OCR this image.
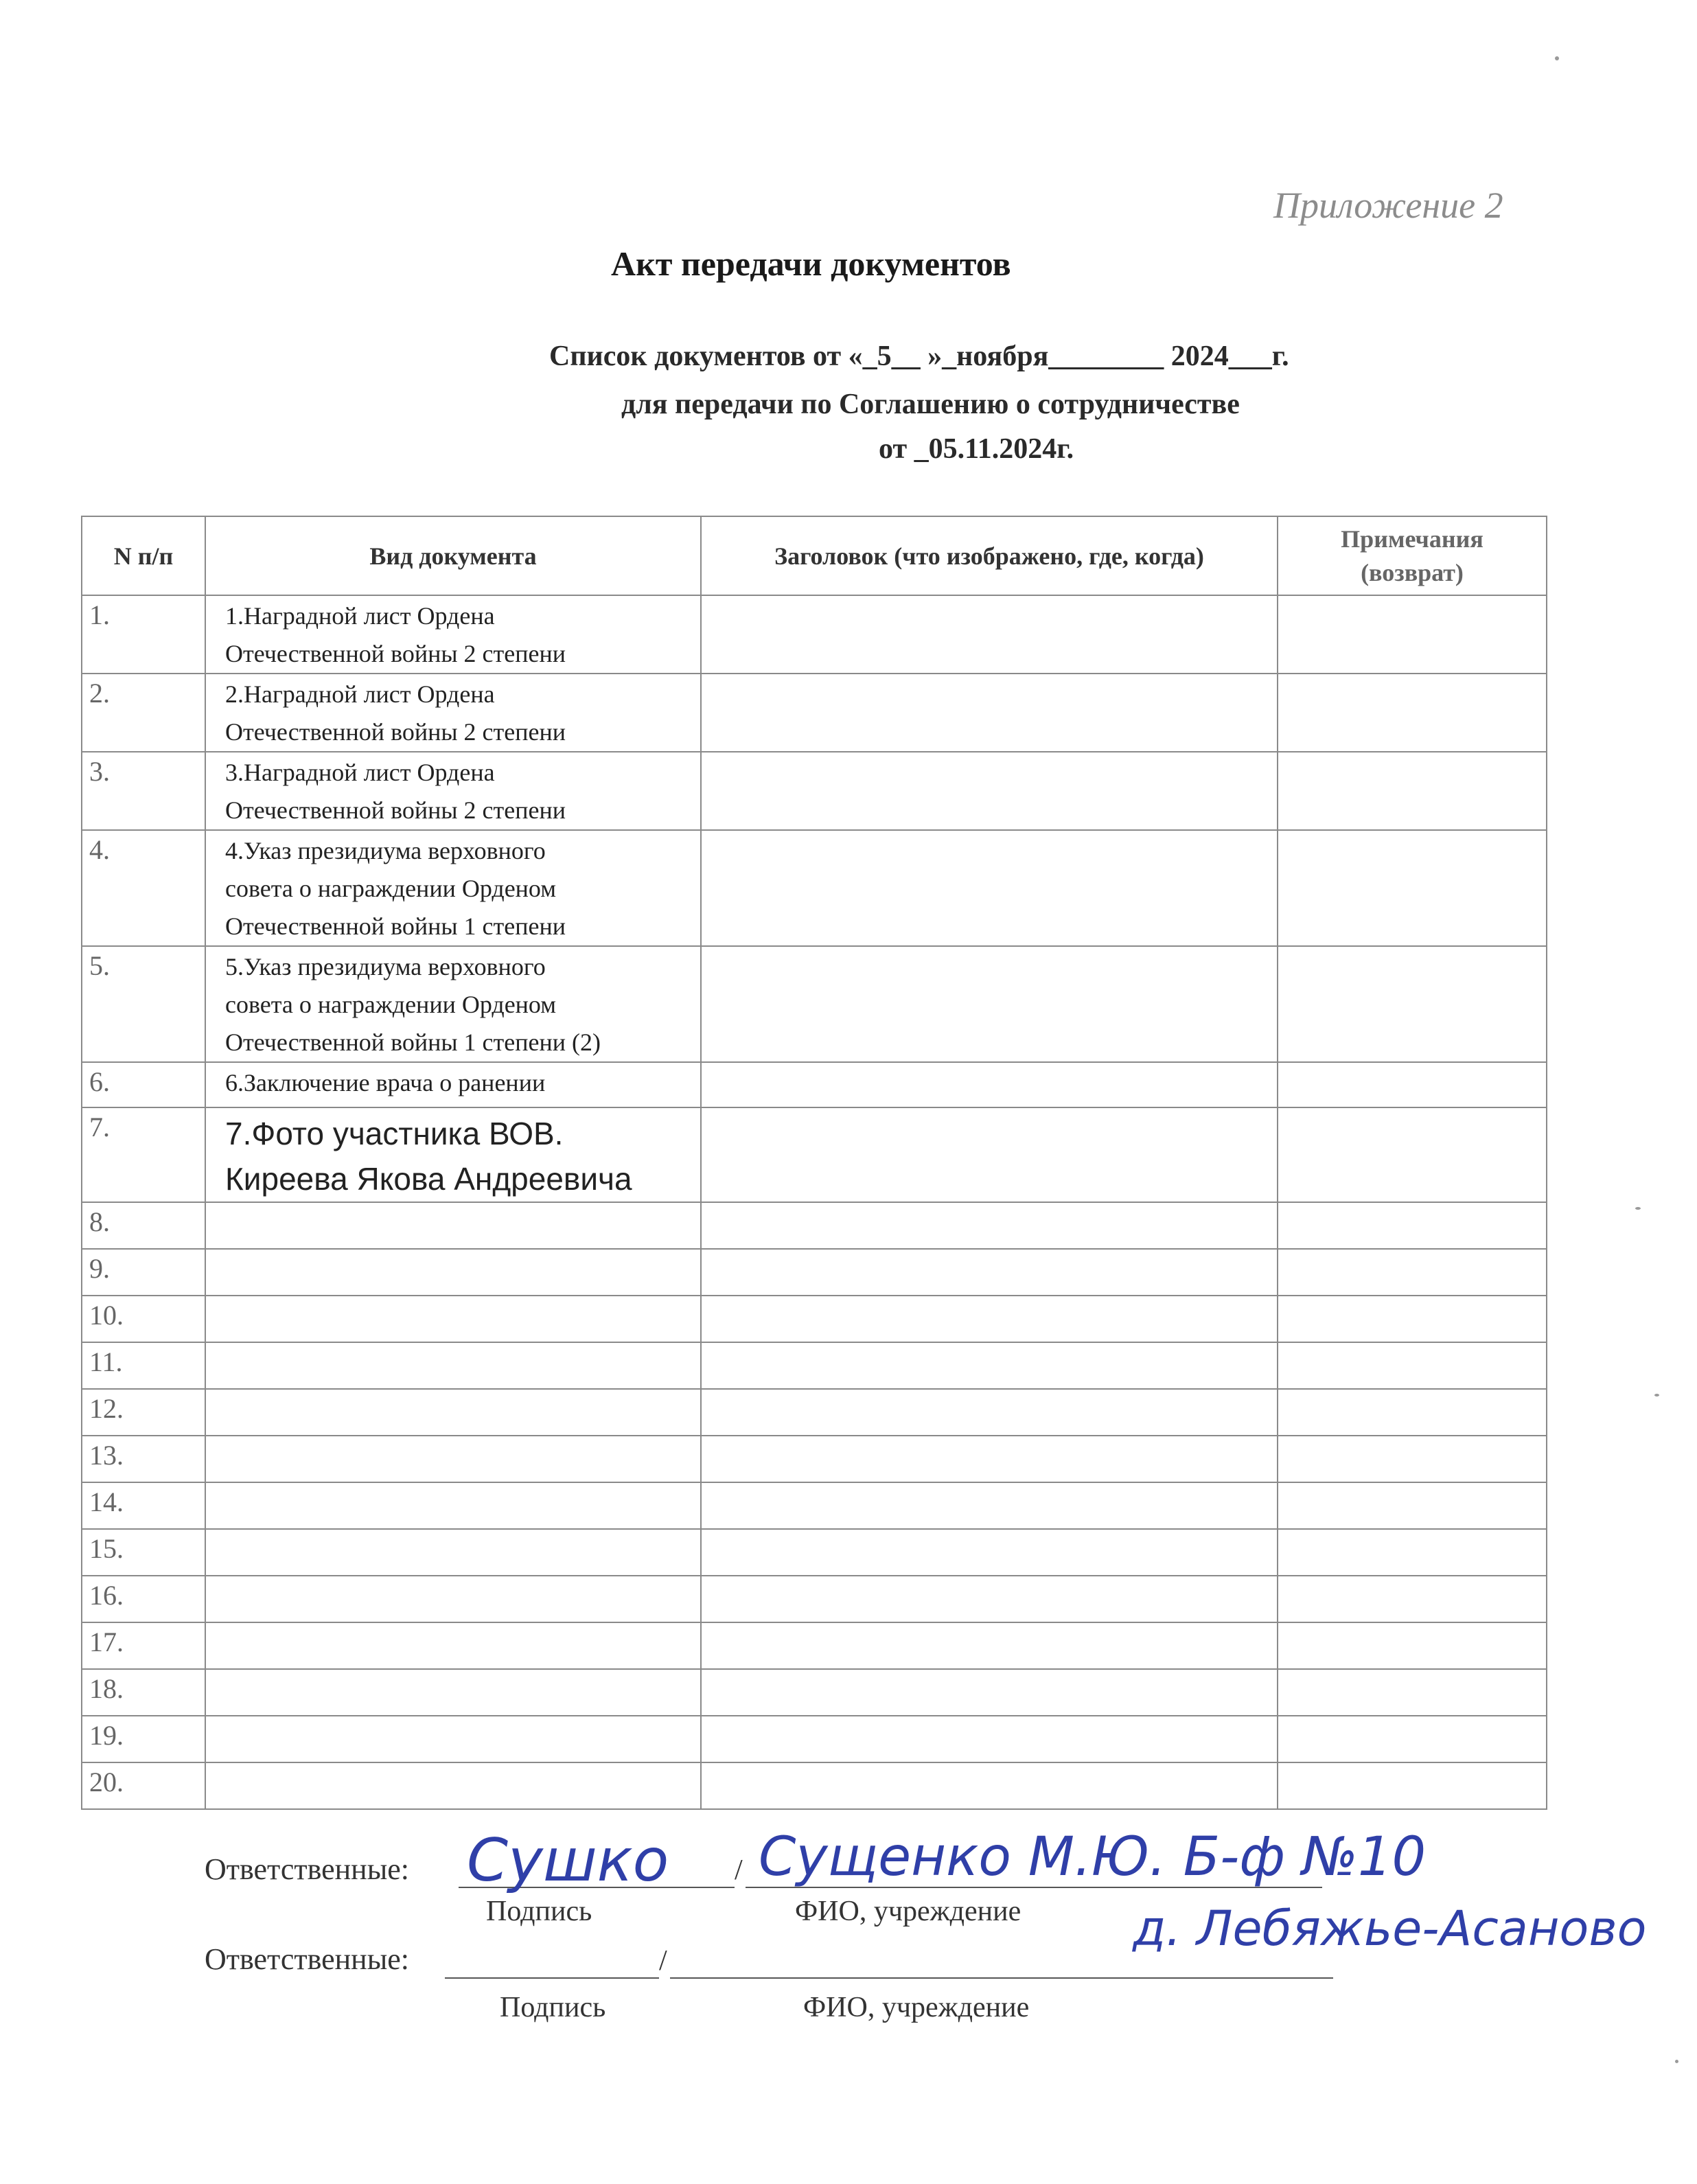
Приложение 2
Акт передачи документов
Список документов от «_5__ »_ноября________ 2024___г.
для передачи по Соглашению о сотрудничестве
от _05.11.2024г.
N п/п	Вид документа	Заголовок (что изображено, где, когда)	Примечания (возврат)

1.	1.Наградной лист Ордена
Отечественной войны 2 степени		
2.	2.Наградной лист Ордена
Отечественной войны 2 степени		
3.	3.Наградной лист Ордена
Отечественной войны 2 степени		
4.	4.Указ президиума верховного
совета о награждении Орденом
Отечественной войны 1 степени		
5.	5.Указ президиума верховного
совета о награждении Орденом
Отечественной войны 1 степени (2)		
6.	6.Заключение врача о ранении		
7.	7.Фото участника ВОВ.
Киреева Якова Андреевича		
8.			
9.			
10.			
11.			
12.			
13.			
14.			
15.			
16.			
17.			
18.			
19.			
20.			
Ответственные:	/
Сушко Сущенко М.Ю. Б-ф №10
Подпись	ФИО, учреждение д. Лебяжье-Асаново
Ответственные:	/
Подпись	ФИО, учреждение
